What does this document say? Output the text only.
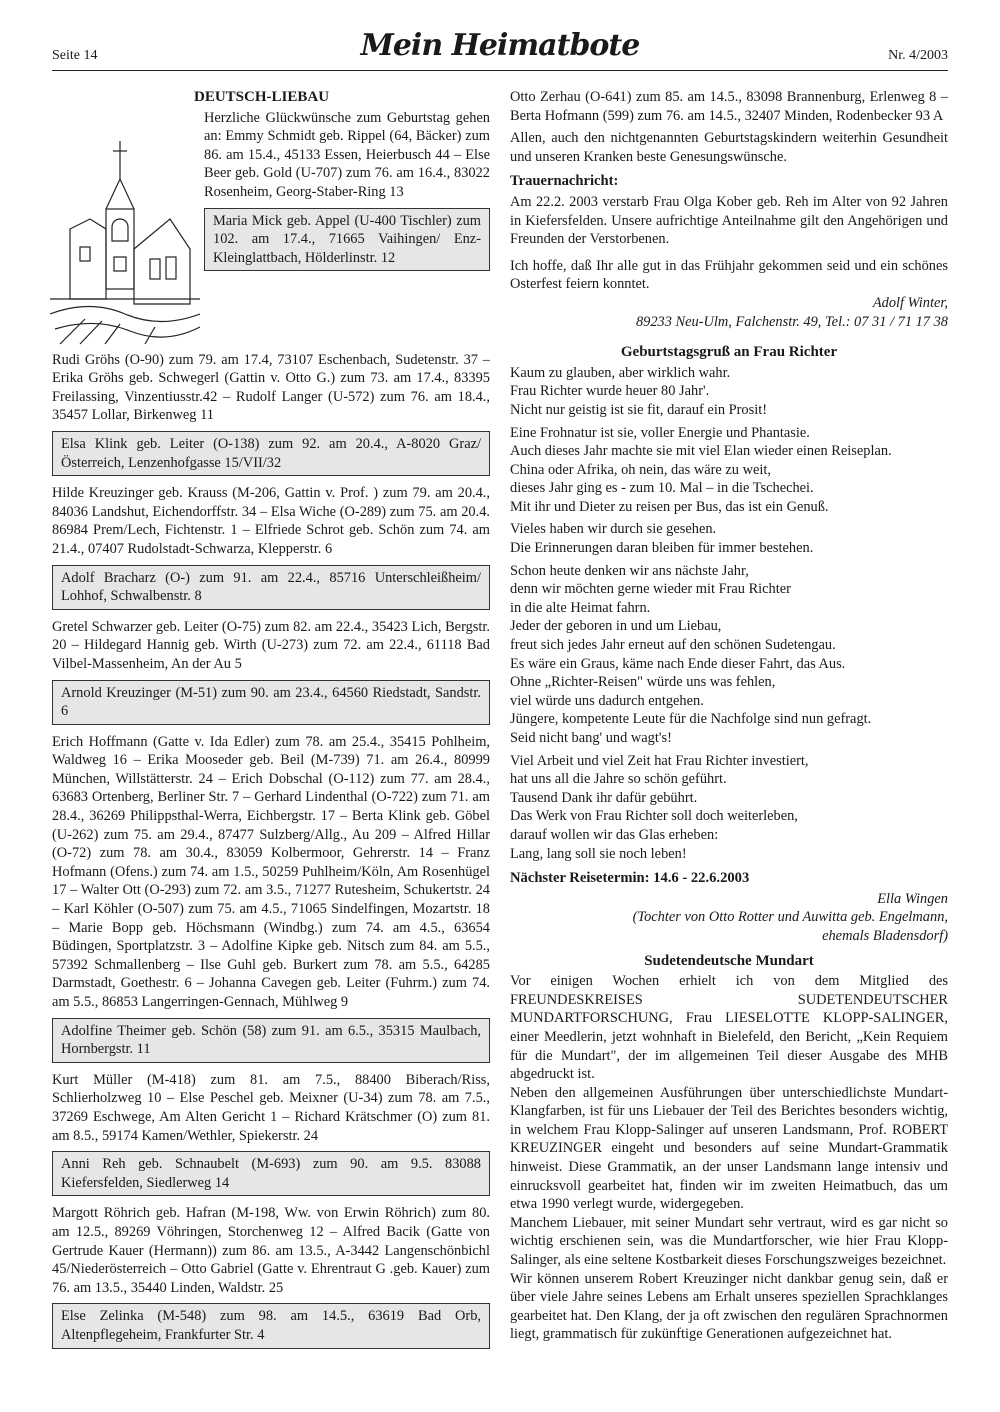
Seite 14	Mein Heimatbote	Nr. 4/2003
DEUTSCH-LIEBAU

Herzliche Glückwünsche zum Geburtstag gehen an: Emmy Schmidt geb. Rippel (64, Bäcker) zum 86. am 15.4., 45133 Essen, Heierbusch 44 – Else Beer geb. Gold (U-707) zum 76. am 16.4., 83022 Rosenheim, Georg-Staber-Ring 13

Maria Mick geb. Appel (U-400 Tischler) zum 102. am 17.4., 71665 Vaihingen/ Enz-Kleinglattbach, Hölderlinstr. 12

Rudi Gröhs (O-90) zum 79. am 17.4, 73107 Eschenbach, Sudetenstr. 37 – Erika Gröhs geb. Schwegerl (Gattin v. Otto G.) zum 73. am 17.4., 83395 Freilassing, Vinzentiusstr.42 – Rudolf Langer (U-572) zum 76. am 18.4., 35457 Lollar, Birkenweg 11

Elsa Klink geb. Leiter (O-138) zum 92. am 20.4., A-8020 Graz/ Österreich, Lenzenhofgasse 15/VII/32

Hilde Kreuzinger geb. Krauss (M-206, Gattin v. Prof. ) zum 79. am 20.4., 84036 Landshut, Eichendorffstr. 34 – Elsa Wiche (O-289) zum 75. am 20.4. 86984 Prem/Lech, Fichtenstr. 1 – Elfriede Schrot geb. Schön zum 74. am 21.4., 07407 Rudolstadt-Schwarza, Klepperstr. 6

Adolf Bracharz (O-) zum 91. am 22.4., 85716 Unterschleißheim/ Lohhof, Schwalbenstr. 8

Gretel Schwarzer geb. Leiter (O-75) zum 82. am 22.4., 35423 Lich, Bergstr. 20 – Hildegard Hannig geb. Wirth (U-273) zum 72. am 22.4., 61118 Bad Vilbel-Massenheim, An der Au 5

Arnold Kreuzinger (M-51) zum 90. am 23.4., 64560 Riedstadt, Sandstr. 6

Erich Hoffmann (Gatte v. Ida Edler) zum 78. am 25.4., 35415 Pohlheim, Waldweg 16 – Erika Mooseder geb. Beil (M-739) 71. am 26.4., 80999 München, Willstätterstr. 24 – Erich Dobschal (O-112) zum 77. am 28.4., 63683 Ortenberg, Berliner Str. 7 – Gerhard Lindenthal (O-722) zum 71. am 28.4., 36269 Philippsthal-Werra, Eichbergstr. 17 – Berta Klink geb. Göbel (U-262) zum 75. am 29.4., 87477 Sulzberg/Allg., Au 209 – Alfred Hillar (O-72) zum 78. am 30.4., 83059 Kolbermoor, Gehrerstr. 14 – Franz Hofmann (Ofens.) zum 74. am 1.5., 50259 Puhlheim/Köln, Am Rosenhügel 17 – Walter Ott (O-293) zum 72. am 3.5., 71277 Rutesheim, Schukertstr. 24 – Karl Köhler (O-507) zum 75. am 4.5., 71065 Sindelfingen, Mozartstr. 18 – Marie Bopp geb. Höchsmann (Windbg.) zum 74. am 4.5., 63654 Büdingen, Sportplatzstr. 3 – Adolfine Kipke geb. Nitsch zum 84. am 5.5., 57392 Schmallenberg – Ilse Guhl geb. Burkert zum 78. am 5.5., 64285 Darmstadt, Goethestr. 6 – Johanna Cavegen geb. Leiter (Fuhrm.) zum 74. am 5.5., 86853 Langerringen-Gennach, Mühlweg 9

Adolfine Theimer geb. Schön (58) zum 91. am 6.5., 35315 Maulbach, Hornbergstr. 11

Kurt Müller (M-418) zum 81. am 7.5., 88400 Biberach/Riss, Schlierholzweg 10 – Else Peschel geb. Meixner (U-34) zum 78. am 7.5., 37269 Eschwege, Am Alten Gericht 1 – Richard Krätschmer (O) zum 81. am 8.5., 59174 Kamen/Wethler, Spiekerstr. 24

Anni Reh geb. Schnaubelt (M-693) zum 90. am 9.5. 83088 Kiefersfelden, Siedlerweg 14

Margott Röhrich geb. Hafran (M-198, Ww. von Erwin Röhrich) zum 80. am 12.5., 89269 Vöhringen, Storchenweg 12 – Alfred Bacik (Gatte von Gertrude Kauer (Hermann)) zum 86. am 13.5., A-3442 Langenschönbichl 45/Niederösterreich – Otto Gabriel (Gatte v. Ehrentraut G .geb. Kauer) zum 76. am 13.5., 35440 Linden, Waldstr. 25

Else Zelinka (M-548) zum 98. am 14.5., 63619 Bad Orb, Altenpflegeheim, Frankfurter Str. 4

Otto Zerhau (O-641) zum 85. am 14.5., 83098 Brannenburg, Erlenweg 8 – Berta Hofmann (599) zum 76. am 14.5., 32407 Minden, Rodenbecker 93 A

Allen, auch den nichtgenannten Geburtstagskindern weiterhin Gesundheit und unseren Kranken beste Genesungswünsche.

Trauernachricht:

Am 22.2. 2003 verstarb Frau Olga Kober geb. Reh im Alter von 92 Jahren in Kiefersfelden. Unsere aufrichtige Anteilnahme gilt den Angehörigen und Freunden der Verstorbenen.

Ich hoffe, daß Ihr alle gut in das Frühjahr gekommen seid und ein schönes Osterfest feiern konntet.

Adolf Winter,
89233 Neu-Ulm, Falchenstr. 49, Tel.: 07 31 / 71 17 38
Geburtstagsgruß an Frau Richter

Kaum zu glauben, aber wirklich wahr.
Frau Richter wurde heuer 80 Jahr'.
Nicht nur geistig ist sie fit, darauf ein Prosit!

Eine Frohnatur ist sie, voller Energie und Phantasie.
Auch dieses Jahr machte sie mit viel Elan wieder einen Reiseplan.
China oder Afrika, oh nein, das wäre zu weit,
dieses Jahr ging es - zum 10. Mal – in die Tschechei.
Mit ihr und Dieter zu reisen per Bus, das ist ein Genuß.

Vieles haben wir durch sie gesehen.
Die Erinnerungen daran bleiben für immer bestehen.

Schon heute denken wir ans nächste Jahr,
denn wir möchten gerne wieder mit Frau Richter
in die alte Heimat fahrn.
Jeder der geboren in und um Liebau,
freut sich jedes Jahr erneut auf den schönen Sudetengau.
Es wäre ein Graus, käme nach Ende dieser Fahrt, das Aus.
Ohne „Richter-Reisen" würde uns was fehlen,
viel würde uns dadurch entgehen.
Jüngere, kompetente Leute für die Nachfolge sind nun gefragt.
Seid nicht bang' und wagt's!

Viel Arbeit und viel Zeit hat Frau Richter investiert,
hat uns all die Jahre so schön geführt.
Tausend Dank ihr dafür gebührt.
Das Werk von Frau Richter soll doch weiterleben,
darauf wollen wir das Glas erheben:
Lang, lang soll sie noch leben!

Nächster Reisetermin: 14.6 - 22.6.2003
Ella Wingen
(Tochter von Otto Rotter und Auwitta geb. Engelmann,
ehemals Bladensdorf)
Sudetendeutsche Mundart

Vor einigen Wochen erhielt ich von dem Mitglied des FREUNDESKREISES SUDETENDEUTSCHER MUNDARTFORSCHUNG, Frau LIESELOTTE KLOPP-SALINGER, einer Meedlerin, jetzt wohnhaft in Bielefeld, den Bericht, „Kein Requiem für die Mundart", der im allgemeinen Teil dieser Ausgabe des MHB abgedruckt ist.

Neben den allgemeinen Ausführungen über unterschiedlichste Mundart-Klangfarben, ist für uns Liebauer der Teil des Berichtes besonders wichtig, in welchem Frau Klopp-Salinger auf unseren Landsmann, Prof. ROBERT KREUZINGER eingeht und besonders auf seine Mundart-Grammatik hinweist. Diese Grammatik, an der unser Landsmann lange intensiv und einrucksvoll gearbeitet hat, finden wir im zweiten Heimatbuch, das um etwa 1990 verlegt wurde, widergegeben.

Manchem Liebauer, mit seiner Mundart sehr vertraut, wird es gar nicht so wichtig erschienen sein, was die Mundartforscher, wie hier Frau Klopp-Salinger, als eine seltene Kostbarkeit dieses Forschungszweiges bezeichnet.

Wir können unserem Robert Kreuzinger nicht dankbar genug sein, daß er über viele Jahre seines Lebens am Erhalt unseres speziellen Sprachklanges gearbeitet hat. Den Klang, der ja oft zwischen den regulären Sprachnormen liegt, grammatisch für zukünftige Generationen aufgezeichnet hat.
